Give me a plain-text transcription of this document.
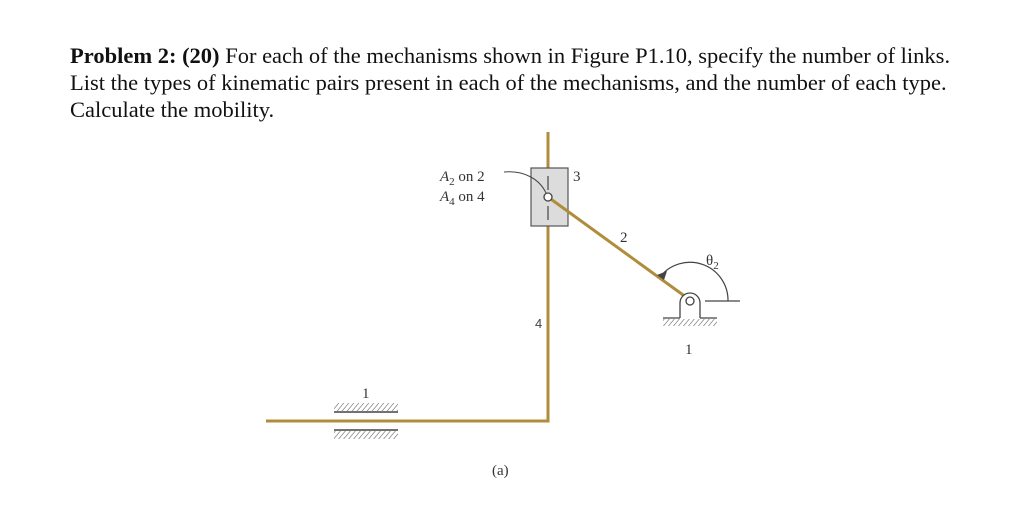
Problem 2: (20) For each of the mechanisms shown in Figure P1.10, specify the number of links. List the types of kinematic pairs present in each of the mechanisms, and the number of each type. Calculate the mobility.
$A_2$ on 2
$A_4$ on 4
3
2
4
1
1
$\theta_2$
(a)
